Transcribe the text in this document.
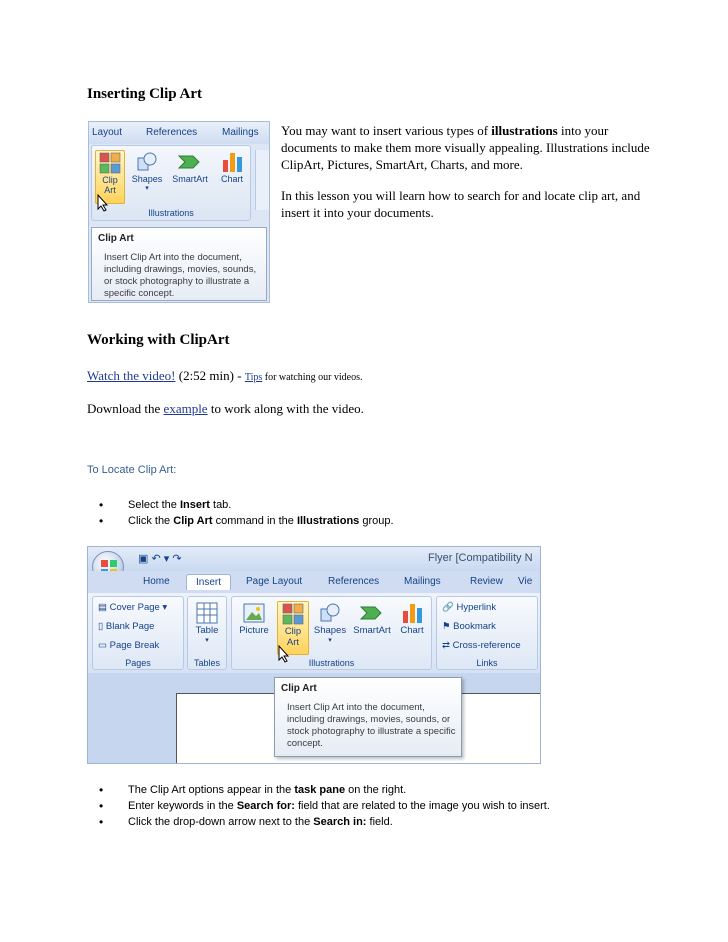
Inserting Clip Art

You may want to insert various types of illustrations into your documents to make them more visually appealing. Illustrations include ClipArt, Pictures, SmartArt, Charts, and more.

In this lesson you will learn how to search for and locate clip art, and insert it into your documents.

Layout References Mailings
Clip
Art
Shapes
▾
SmartArt	Chart
Illustrations
Clip Art
Insert Clip Art into the document, including drawings, movies, sounds, or stock photography to illustrate a specific concept.
Working with ClipArt
Watch the video! (2:52 min) - Tips for watching our videos.
Download the example to work along with the video.
To Locate Clip Art:
• Select the Insert tab.
• Click the Clip Art command in the Illustrations group.
▣ ↶ ▾ ↷	Flyer [Compatibility N
Home	Insert	Page Layout	References Mailings	Review Vie
▤ Cover Page ▾
▯ Blank Page
▭ Page Break
Pages
Table
▾
Tables
Picture	Clip
Art
Shapes
▾
SmartArt	Chart
Illustrations
🔗 Hyperlink
⚑ Bookmark
⇄ Cross-reference
Links
Clip Art
Insert Clip Art into the document, including drawings, movies, sounds, or stock photography to illustrate a specific concept.
• The Clip Art options appear in the task pane on the right.
• Enter keywords in the Search for: field that are related to the image you wish to insert.
• Click the drop-down arrow next to the Search in: field.
